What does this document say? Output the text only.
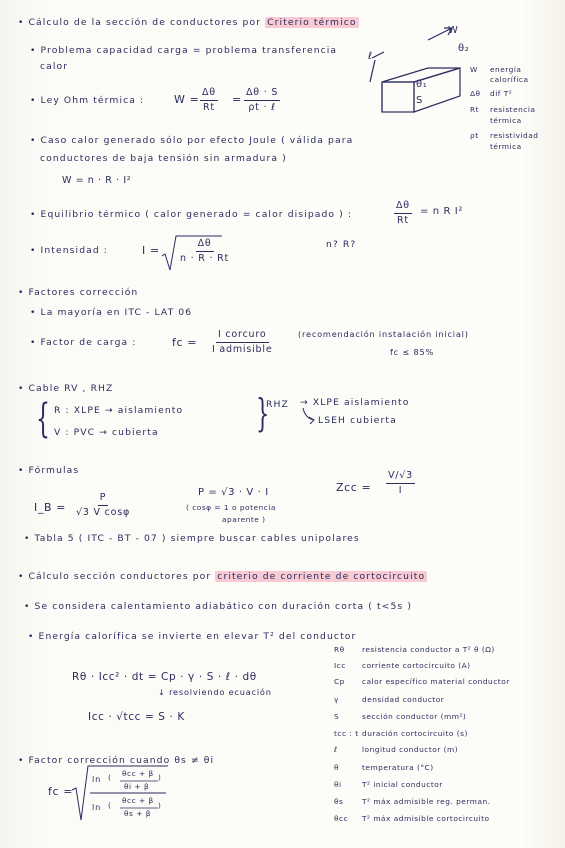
• Cálculo de la sección de conductores por Criterio térmico
• Problema capacidad carga = problema transferencia
calor
• Ley Ohm térmica :	$W = \frac{\Delta\theta}{Rt}$ =
Δθ · S
ρt · ℓ
W
ℓ
θ₂
θ₁
S
W energía
calorífica
Δθ dif T²
Rt resistencia
térmica
ρt resistividad
térmica
• Caso calor generado sólo por efecto Joule ( válida para
conductores de baja tensión sin armadura )
W = n · R · I²
• Equilibrio térmico ( calor generado = calor disipado ) :	$\frac{\Delta\theta}{Rt} = n$ R I²
• Intensidad :	$I = \frac{\Delta\theta}{n \cdot R \cdot Rt}$	n? R?
• Factores corrección
• La mayoría en ITC - LAT 06
• Factor de carga :	fc =
I corcuro
I admisible
(recomendación instalación inicial)
fc ≤ 85%
• Cable RV , RHZ
{ R : XLPE → aislamiento
V : PVC → cubierta	}
RHZ → XLPE aislamiento
LSEH cubierta
• Fórmulas
I_B = $\frac{P}{\text{√3 V cosφ}}$	P = √3 · V · I
( cosφ = 1 o potencia
aparente )
Zcc = $\frac{V/√3}{I}$
• Tabla 5 ( ITC - BT - 07 ) siempre buscar cables unipolares
• Cálculo sección conductores por criterio de corriente de cortocircuito
• Se considera calentamiento adiabático con duración corta ( t<5s )
• Energía calorífica se invierte en elevar T² del conductor
Rθ · Icc² · dt = Cp · γ · S · ℓ · dθ
↓ resolviendo ecuación
Icc · √tcc = S · K
• Factor corrección cuando θs ≠ θi
fc =
ln ( θcc + β
θi + β
)
ln (
θcc + β
θs + β
)
Rθ resistencia conductor a T² θ (Ω)
Icc corriente cortocircuito (A)
Cp calor específico material conductor
γ	densidad conductor
S	sección conductor (mm²)
tcc : t duración cortocircuito (s)
ℓ	longitud conductor (m)
θ	temperatura (°C)
θi	T² inicial conductor
θs	T² máx admisible reg. perman.
θcc T² máx admisible cortocircuito
